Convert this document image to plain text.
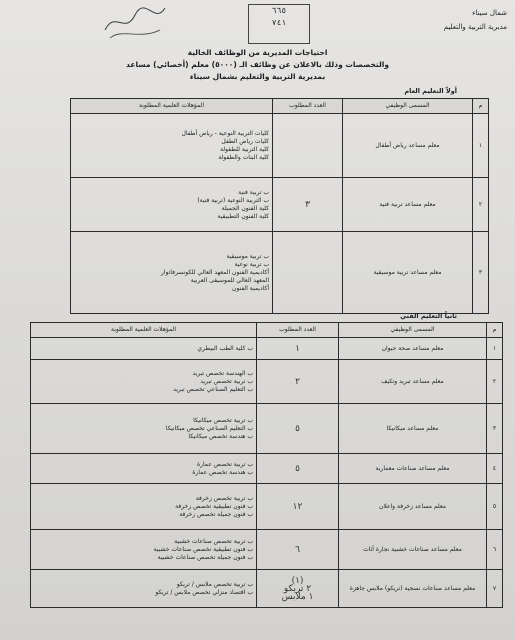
شمال سيناء
مديرية التربية والتعليم
٦٦٥
٧٤١
احتياجات المديرية من الوظائف الخالية
والتخصصات وذلك بالاعلان عن وظائف الـ (٥٠٠٠) معلم (أخصائي) مساعد
بمديرية التربية والتعليم بشمال سيناء
أولاً التعليم العام
م	المسمى الوظيفي	العدد المطلوب	المؤهلات العلمية المطلوبة
١	معلم مساعد رياض أطفال		كليات التربية النوعية - رياض أطفال
كليات رياض الطفل
كلية التربية للطفولة
كلية البنات والطفولة

٢	معلم مساعد تربية فنية	٣	ب تربية فنية
ب التربية النوعية (تربية فنية)
كلية الفنون الجميلة
كلية الفنون التطبيقية

٣	معلم مساعد تربية موسيقية		ب تربية موسيقية
ب تربية نوعية
أكاديمية الفنون المعهد العالي للكونسرفاتوار
المعهد العالي للموسيقى العربية
أكاديمية الفنون
ثانياً التعليم الفني
م	المسمى الوظيفي	العدد المطلوب	المؤهلات العلمية المطلوبة
١	معلم مساعد صحة حيوان	١	ب كلية الطب البيطري

٢	معلم مساعد تبريد وتكيف	٢	ب الهندسة تخصص تبريد
ب تربية تخصص تبريد
ب التعليم الصناعي تخصص تبريد

٣	معلم مساعد ميكانيكا	٥	ب تربية تخصص ميكانيكا
ب التعليم الصناعي تخصص ميكانيكا
ب هندسة تخصص ميكانيكا

٤	معلم مساعد صناعات معمارية	٥	ب تربية تخصص عمارة
ب هندسة تخصص عمارة

٥	معلم مساعد زخرفة واعلان	١٢	ب تربية تخصص زخرفة
ب فنون تطبيقية تخصص زخرفة
ب فنون جميلة تخصص زخرفة

٦	معلم مساعد صناعات خشبية نجارة أثاث	٦	ب تربية تخصص صناعات خشبية
ب فنون تطبيقية تخصص صناعات خشبية
ب فنون جميلة تخصص صناعات خشبية

٧	معلم مساعد صناعات نسجية (تريكو) ملابس جاهزة	(١)
٢ تريكو
١ ملابس	ب تربية تخصص ملابس / تريكو
ب اقتصاد منزلي تخصص ملابس / تريكو
